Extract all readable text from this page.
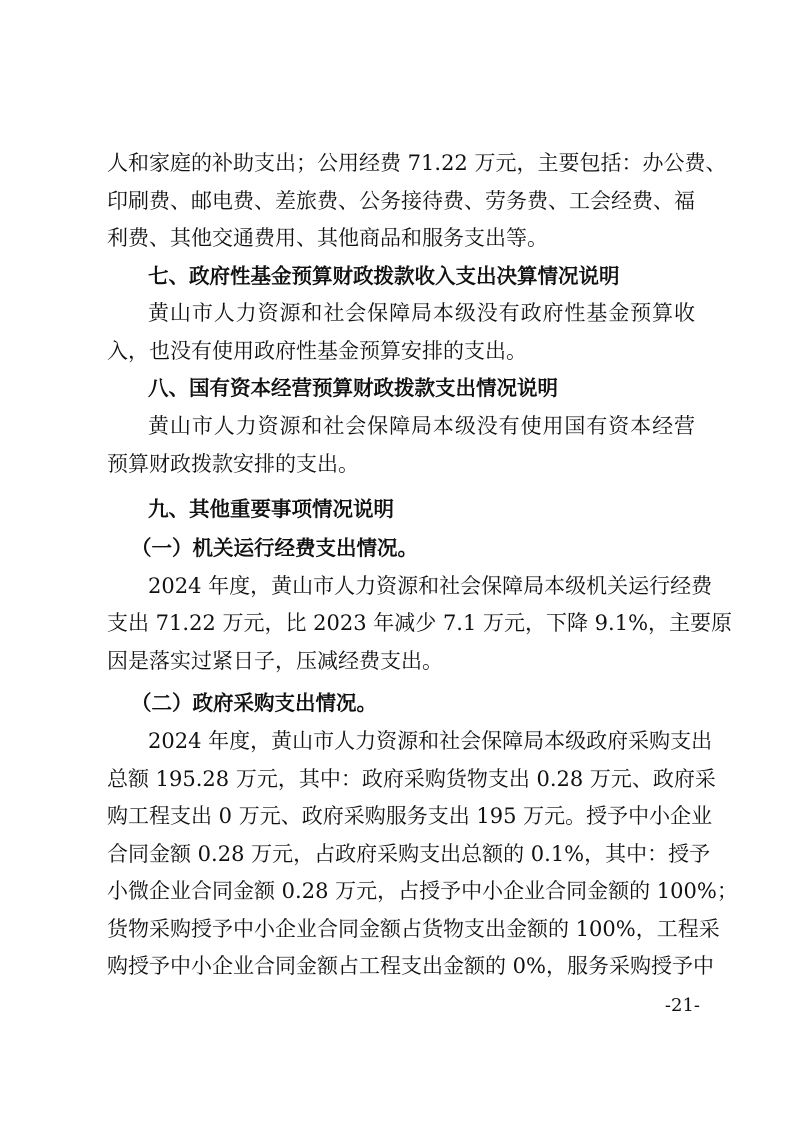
人和家庭的补助支出；公用经费 71.22 万元，主要包括：办公费、
印刷费、邮电费、差旅费、公务接待费、劳务费、工会经费、福
利费、其他交通费用、其他商品和服务支出等。
七、政府性基金预算财政拨款收入支出决算情况说明
黄山市人力资源和社会保障局本级没有政府性基金预算收
入，也没有使用政府性基金预算安排的支出。
八、国有资本经营预算财政拨款支出情况说明
黄山市人力资源和社会保障局本级没有使用国有资本经营
预算财政拨款安排的支出。
九、其他重要事项情况说明
（一）机关运行经费支出情况。
2024 年度，黄山市人力资源和社会保障局本级机关运行经费
支出 71.22 万元，比 2023 年减少 7.1 万元，下降 9.1%，主要原
因是落实过紧日子，压减经费支出。
（二）政府采购支出情况。
2024 年度，黄山市人力资源和社会保障局本级政府采购支出
总额 195.28 万元，其中：政府采购货物支出 0.28 万元、政府采
购工程支出 0 万元、政府采购服务支出 195 万元。授予中小企业
合同金额 0.28 万元，占政府采购支出总额的 0.1%，其中：授予
小微企业合同金额 0.28 万元，占授予中小企业合同金额的 100%；
货物采购授予中小企业合同金额占货物支出金额的 100%，工程采
购授予中小企业合同金额占工程支出金额的 0%，服务采购授予中
-21-
